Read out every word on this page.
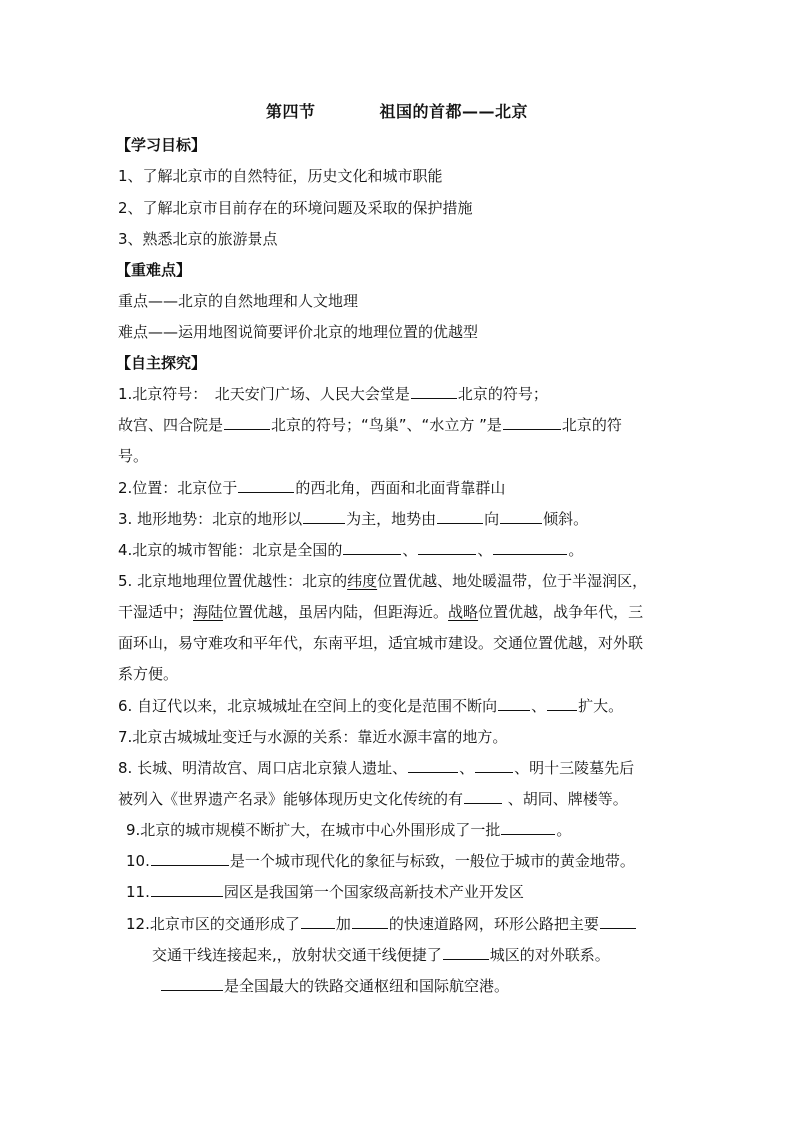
第四节	祖国的首都——北京
【学习目标】
1、了解北京市的自然特征，历史文化和城市职能
2、了解北京市目前存在的环境问题及采取的保护措施
3、熟悉北京的旅游景点
【重难点】
重点——北京的自然地理和人文地理
难点——运用地图说简要评价北京的地理位置的优越型
【自主探究】
1.北京符号：　北天安门广场、人民大会堂是	北京的符号；
故宫、四合院是	北京的符号；“鸟巢”、“水立方 ”是	北京的符
号。
2.位置：北京位于	的西北角，西面和北面背靠群山
3. 地形地势：北京的地形以	为主，地势由	向	倾斜。
4.北京的城市智能：北京是全国的	、	、	。
5. 北京地地理位置优越性：北京的纬度位置优越、地处暖温带，位于半湿润区，
干湿适中；海陆位置优越，虽居内陆，但距海近。战略位置优越，战争年代，三
面环山，易守难攻和平年代，东南平坦，适宜城市建设。交通位置优越，对外联
系方便。
6. 自辽代以来，北京城城址在空间上的变化是范围不断向 、 扩大。
7.北京古城城址变迁与水源的关系：靠近水源丰富的地方。
8. 长城、明清故宫、周口店北京猿人遗址、	、	、明十三陵墓先后
被列入《世界遗产名录》能够体现历史文化传统的有	、胡同、牌楼等。
9.北京的城市规模不断扩大，在城市中心外围形成了一批	。
10.	是一个城市现代化的象征与标致，一般位于城市的黄金地带。
11.	园区是我国第一个国家级高新技术产业开发区
12.北京市区的交通形成了 加	的快速道路网，环形公路把主要
交通干线连接起来,，放射状交通干线便捷了	城区的对外联系。
是全国最大的铁路交通枢纽和国际航空港。
